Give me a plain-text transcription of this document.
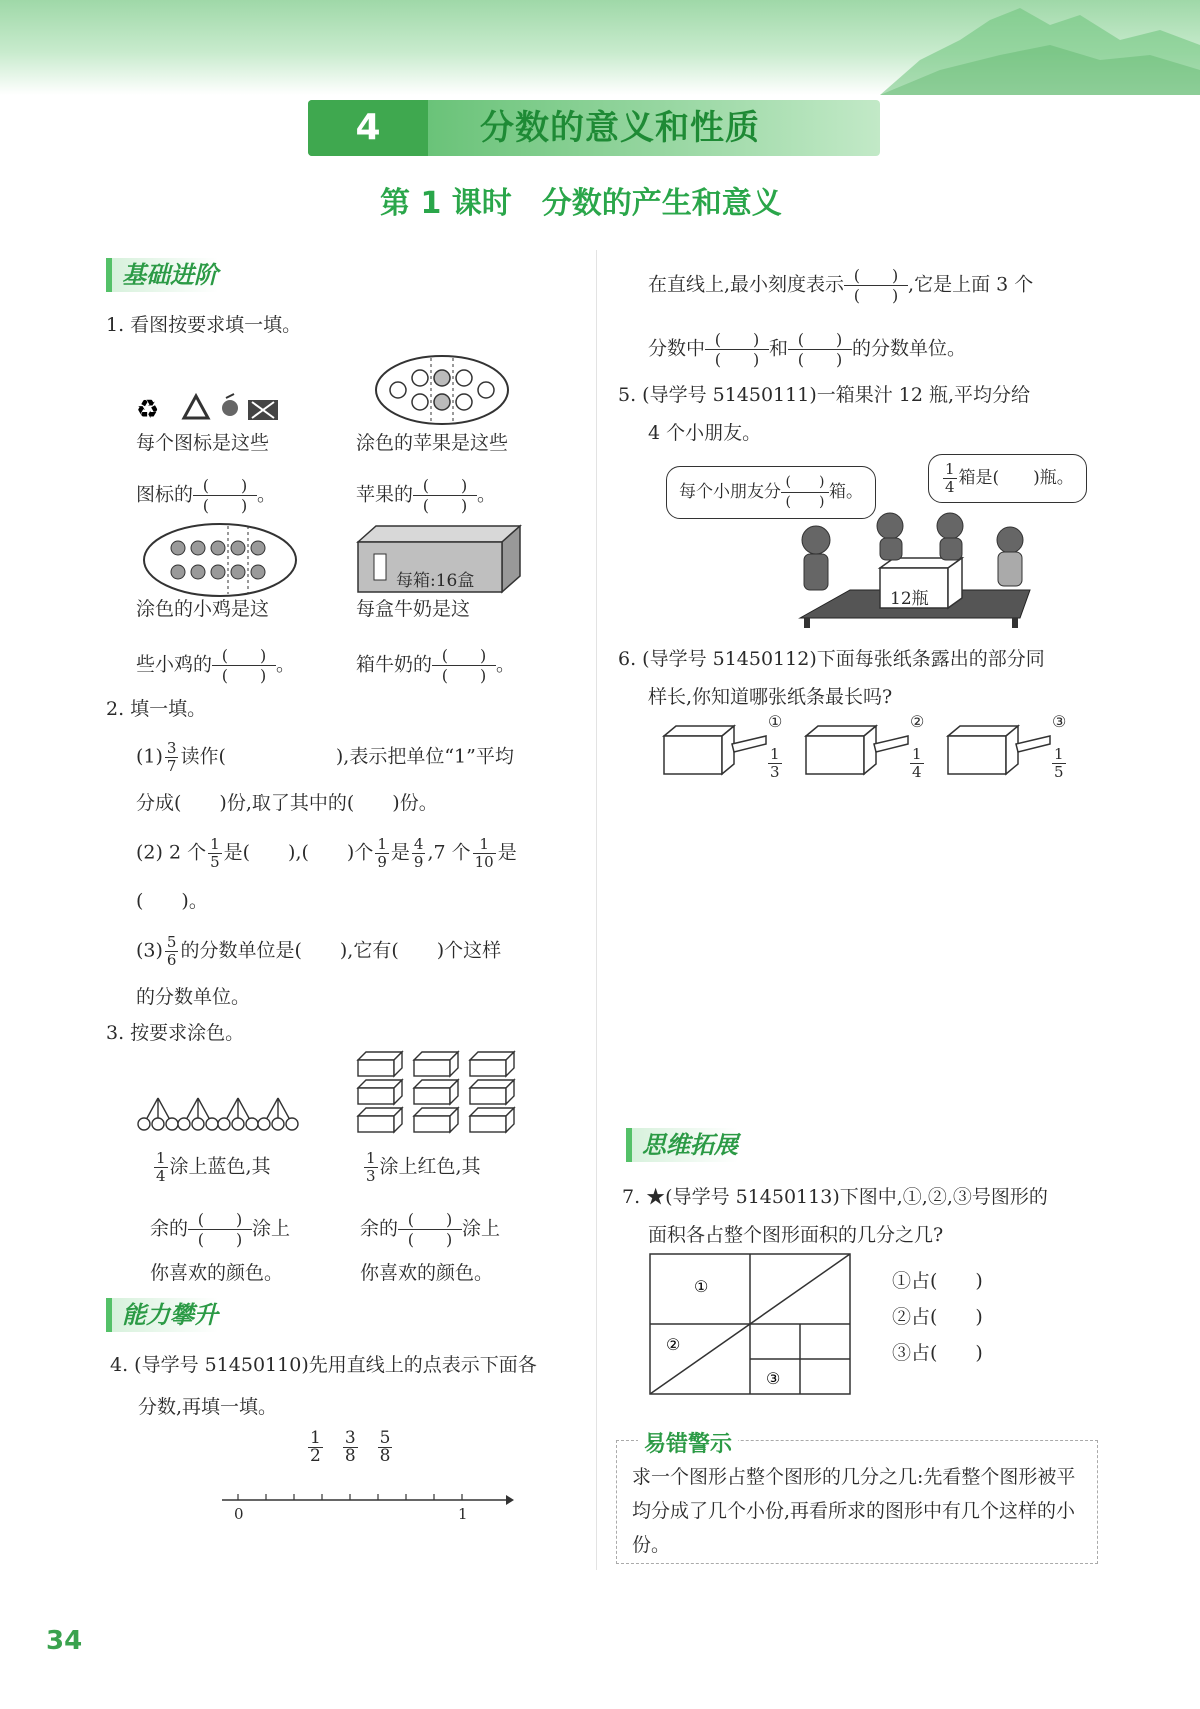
4	分数的意义和性质
第 1 课时　分数的产生和意义
基础进阶
1. 看图按要求填一填。
♻
每个图标是这些
图标的 (　　)
(　　) 。
涂色的苹果是这些
苹果的 (　　)
(　　) 。
涂色的小鸡是这
些小鸡的 (　　)
(　　) 。
每箱:16盒
每盒牛奶是这
箱牛奶的 (　　)
(　　) 。
2. 填一填。
$(1) \frac{3}{7}$ 读作(	),表示把单位“1”平均
分成(　　)份,取了其中的(　　)份。
(2) 2 个 $\frac{1}{5}$ 是(　　),(　　)个 $\frac{1}{9}$ 是 $\frac{4}{9} ,7$ 个 $\frac{1}{10}$ 是
(　　)。
$(3) \frac{5}{6}$ 的分数单位是(　　),它有(　　)个这样
的分数单位。
3. 按要求涂色。
$\frac{1}{4}$ 涂上蓝色,其
余的 (　　)
(　　) 涂上
你喜欢的颜色。
$\frac{1}{3}$ 涂上红色,其
余的 (　　)
(　　) 涂上
你喜欢的颜色。
能力攀升
4. (导学号 51450110)先用直线上的点表示下面各
分数,再填一填。
$\frac{1}{2} \frac{3}{8} \frac{5}{8}$
0	1
在直线上,最小刻度表示 (　　)
(　　) ,它是上面 3 个
分数中 (　　)
(　　) 和 (　　)
(　　) 的分数单位。
5. (导学号 51450111)一箱果汁 12 瓶,平均分给
4 个小朋友。
每个小朋友分 (　　)
(　　) 箱。	$\frac{1}{4}$ 箱是(　　)瓶。
12瓶
6. (导学号 51450112)下面每张纸条露出的部分同
样长,你知道哪张纸条最长吗?
①	②	③
$\frac{1}{3}$	$\frac{1}{4}$	$\frac{1}{5}$
思维拓展
7. ★(导学号 51450113)下图中,①,②,③号图形的
面积各占整个图形面积的几分之几?
①
②
③
①占(　　)
②占(　　)
③占(　　)
易错警示
求一个图形占整个图形的几分之几:先看整个图形被平均分成了几个小份,再看所求的图形中有几个这样的小份。
34
